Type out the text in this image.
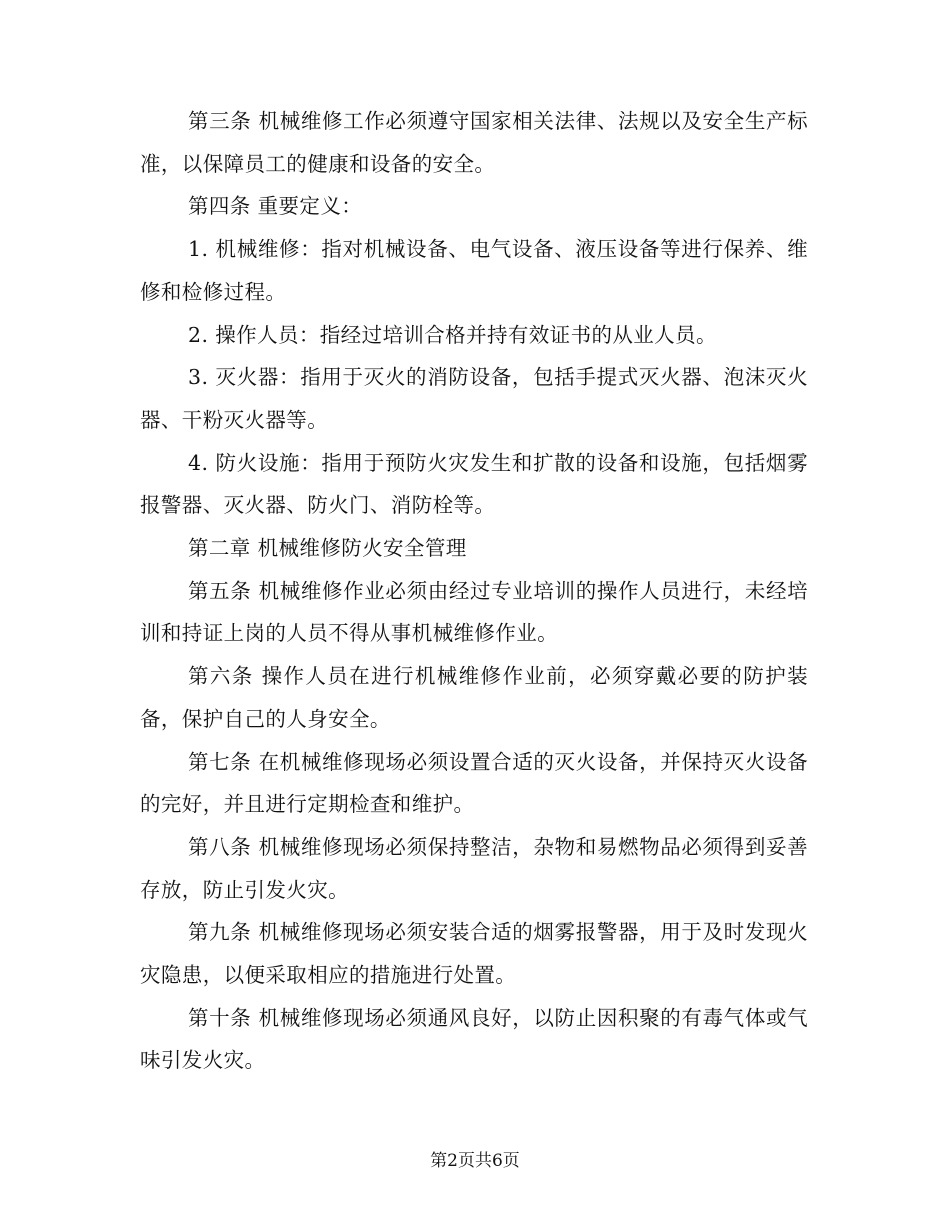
第三条 机械维修工作必须遵守国家相关法律、法规以及安全生产标准，以保障员工的健康和设备的安全。

第四条 重要定义：

1. 机械维修：指对机械设备、电气设备、液压设备等进行保养、维修和检修过程。

2. 操作人员：指经过培训合格并持有效证书的从业人员。

3. 灭火器：指用于灭火的消防设备，包括手提式灭火器、泡沫灭火器、干粉灭火器等。

4. 防火设施：指用于预防火灾发生和扩散的设备和设施，包括烟雾报警器、灭火器、防火门、消防栓等。

第二章 机械维修防火安全管理

第五条 机械维修作业必须由经过专业培训的操作人员进行，未经培训和持证上岗的人员不得从事机械维修作业。

第六条 操作人员在进行机械维修作业前，必须穿戴必要的防护装备，保护自己的人身安全。

第七条 在机械维修现场必须设置合适的灭火设备，并保持灭火设备的完好，并且进行定期检查和维护。

第八条 机械维修现场必须保持整洁，杂物和易燃物品必须得到妥善存放，防止引发火灾。

第九条 机械维修现场必须安装合适的烟雾报警器，用于及时发现火灾隐患，以便采取相应的措施进行处置。

第十条 机械维修现场必须通风良好，以防止因积聚的有毒气体或气味引发火灾。

第2页共6页
